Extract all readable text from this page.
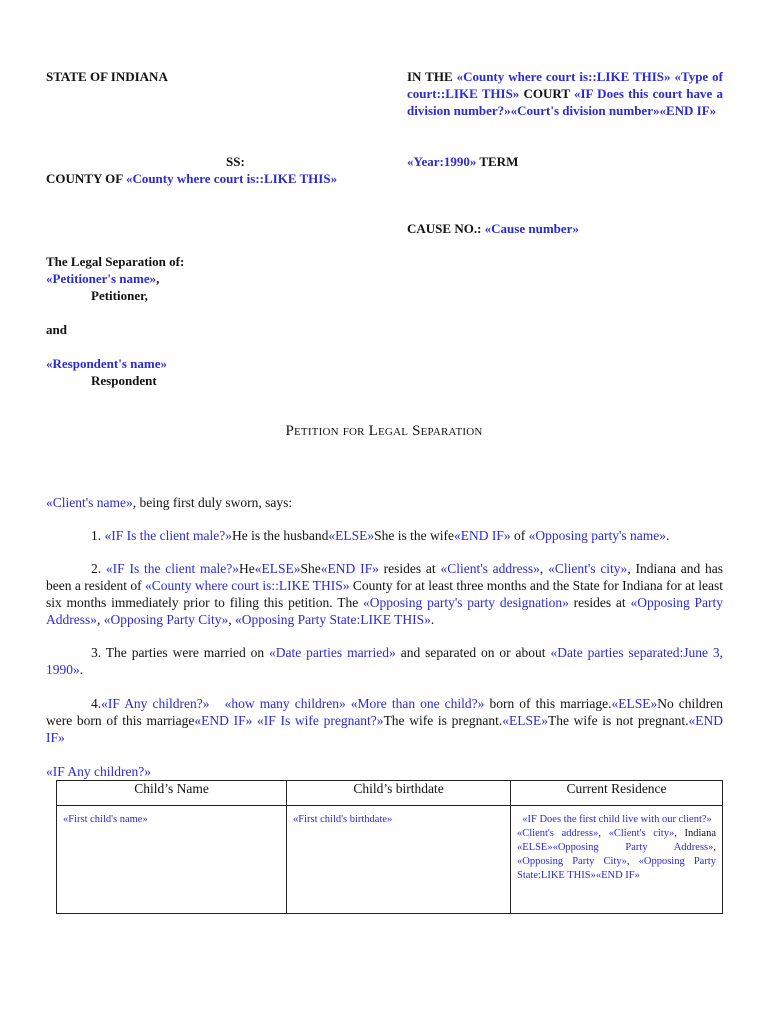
STATE OF INDIANA	IN THE «County where court is::LIKE THIS» «Type of court::LIKE THIS» COURT «IF Does this court have a division number?»«Court's division number»«END IF»
SS:	«Year:1990» TERM
COUNTY OF «County where court is::LIKE THIS»
CAUSE NO.: «Cause number»
The Legal Separation of:
«Petitioner's name»,
Petitioner,
and
«Respondent's name»
Respondent
Petition for Legal Separation
«Client's name», being first duly sworn, says:
1. «IF Is the client male?»He is the husband«ELSE»She is the wife«END IF» of «Opposing party's name».
2. «IF Is the client male?»He«ELSE»She«END IF» resides at «Client's address», «Client's city», Indiana and has been a resident of «County where court is::LIKE THIS» County for at least three months and the State for Indiana for at least six months immediately prior to filing this petition. The «Opposing party's party designation» resides at «Opposing Party Address», «Opposing Party City», «Opposing Party State:LIKE THIS».
3. The parties were married on «Date parties married» and separated on or about «Date parties separated:June 3, 1990».
4.«IF Any children?» «how many children» «More than one child?» born of this marriage.«ELSE»No children were born of this marriage«END IF» «IF Is wife pregnant?»The wife is pregnant.«ELSE»The wife is not pregnant.«END IF»
«IF Any children?»
Child’s Name	Child’s birthdate	Current Residence
«First child's name»	«First child's birthdate»	«IF Does the first child live with our client?»
«Client's address», «Client's city», Indiana «ELSE»«Opposing Party Address», «Opposing Party City», «Opposing Party State:LIKE THIS»«END IF»
